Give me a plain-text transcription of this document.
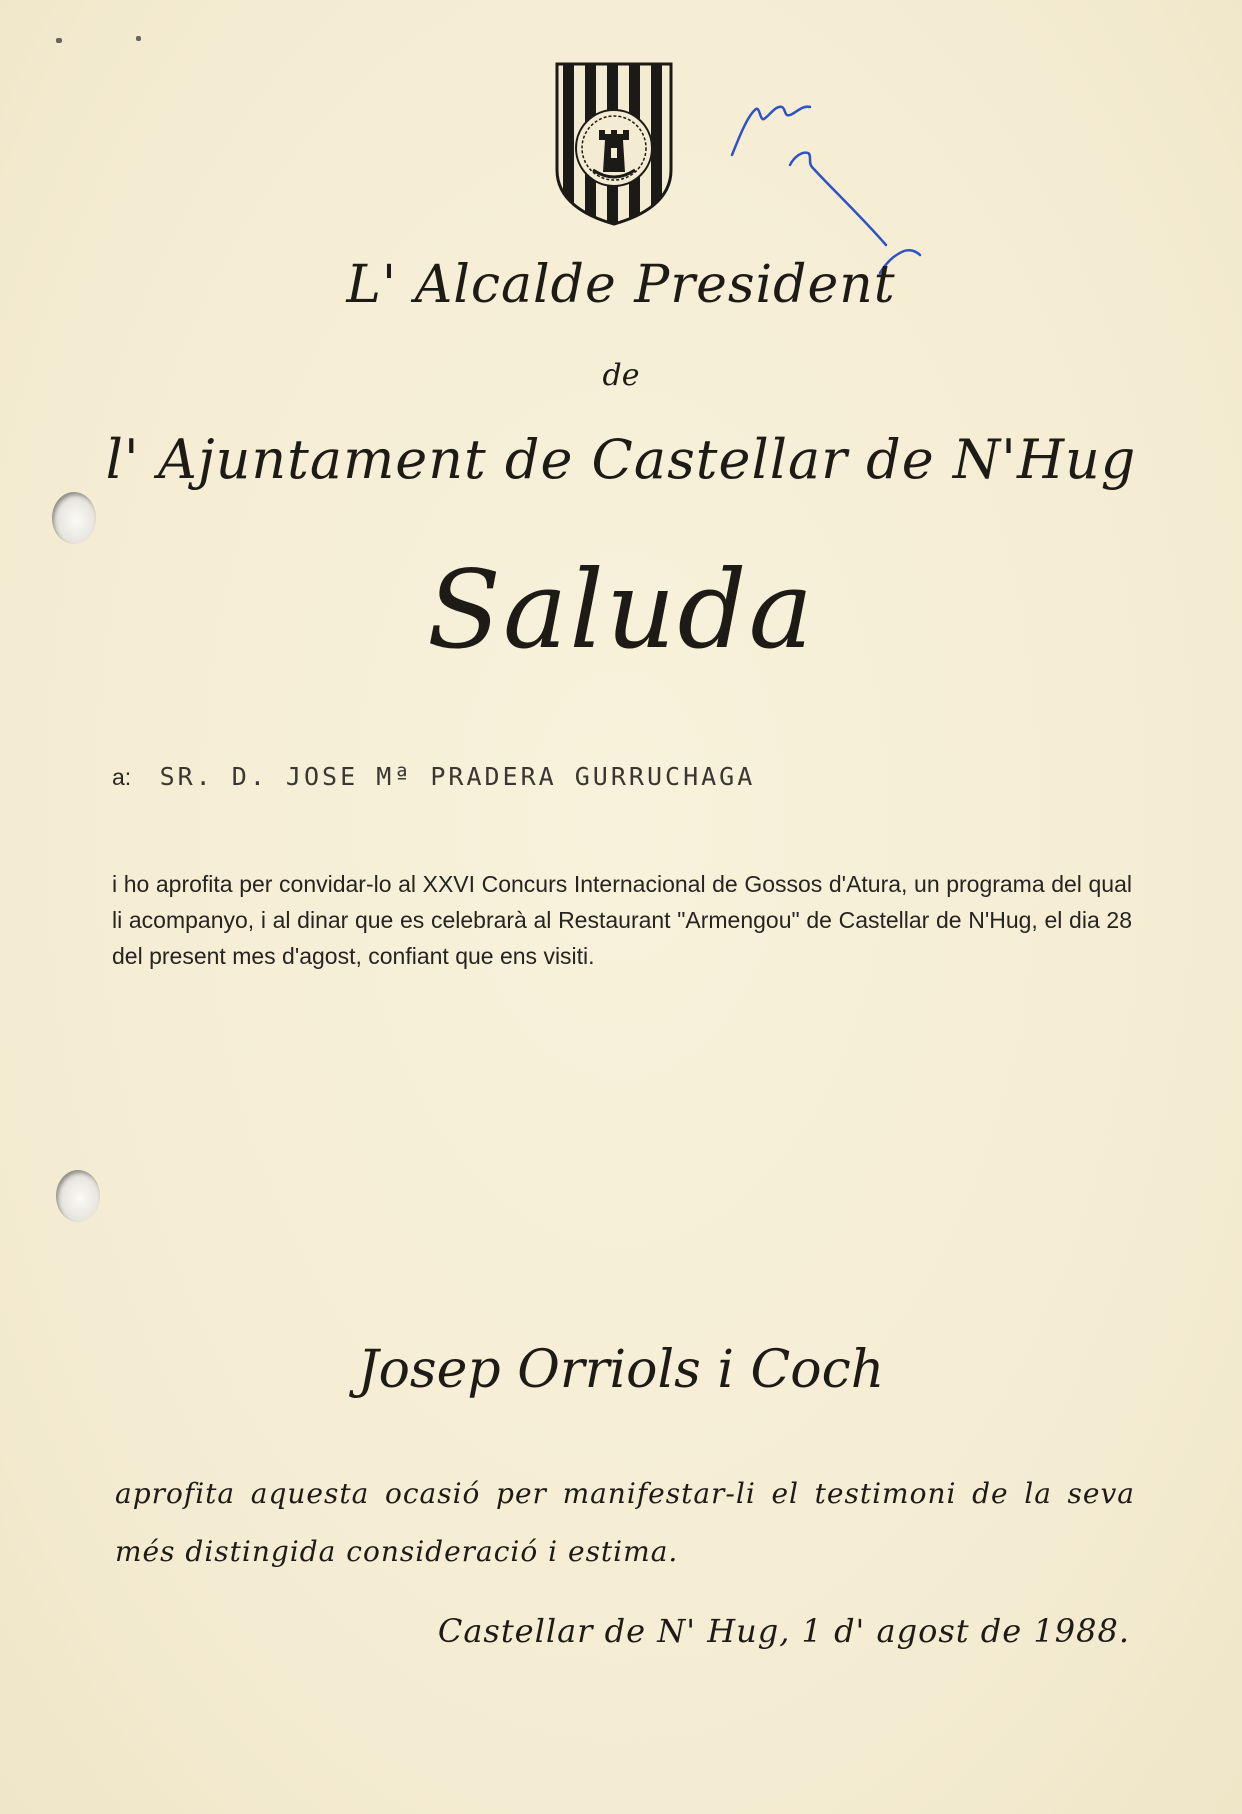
L' Alcalde President
de
l' Ajuntament de Castellar de N'Hug
Saluda
a: SR. D. JOSE Mª PRADERA GURRUCHAGA
i ho aprofita per convidar-lo al XXVI Concurs Internacional de Gossos d'Atura, un programa del qual li acompanyo, i al dinar que es celebrarà al Restaurant "Armengou" de Castellar de N'Hug, el dia 28 del present mes d'agost, confiant que ens visiti.
Josep Orriols i Coch
aprofita aquesta ocasió per manifestar-li el testimoni de la seva
més distingida consideració i estima.
Castellar de N' Hug, 1 d' agost de 1988.
